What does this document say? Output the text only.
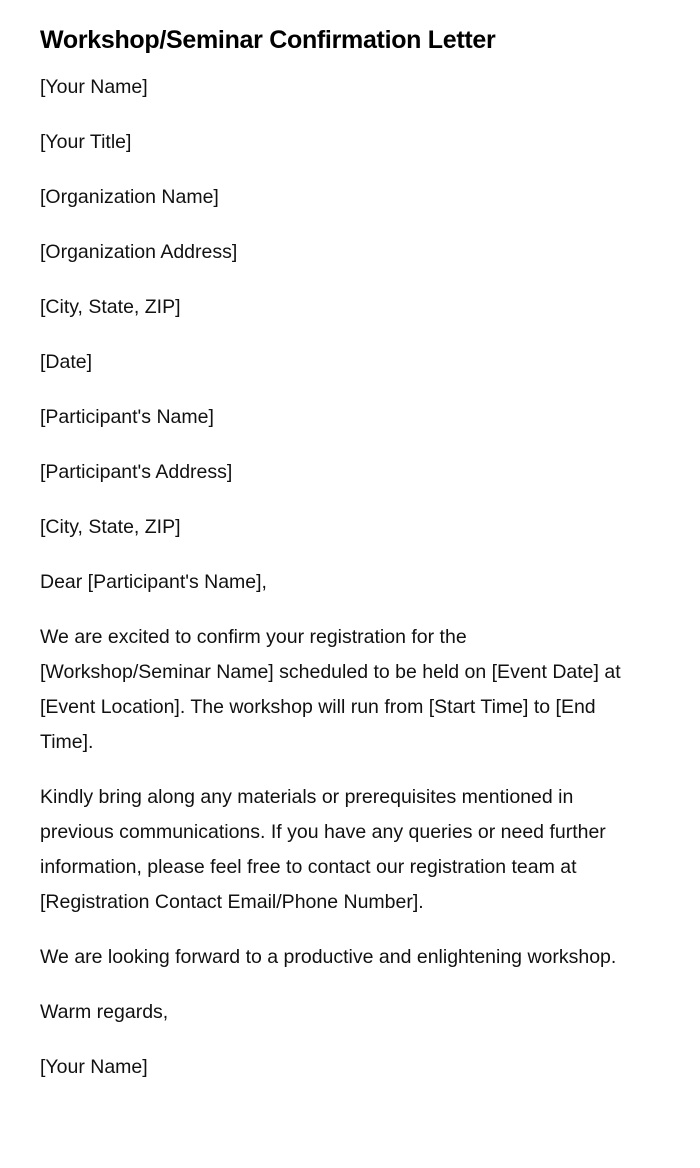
Workshop/Seminar Confirmation Letter

[Your Name]

[Your Title]

[Organization Name]

[Organization Address]

[City, State, ZIP]

[Date]

[Participant's Name]

[Participant's Address]

[City, State, ZIP]

Dear [Participant's Name],

We are excited to confirm your registration for the [Workshop/Seminar Name] scheduled to be held on [Event Date] at [Event Location]. The workshop will run from [Start Time] to [End Time].

Kindly bring along any materials or prerequisites mentioned in previous communications. If you have any queries or need further information, please feel free to contact our registration team at [Registration Contact Email/Phone Number].

We are looking forward to a productive and enlightening workshop.

Warm regards,

[Your Name]
